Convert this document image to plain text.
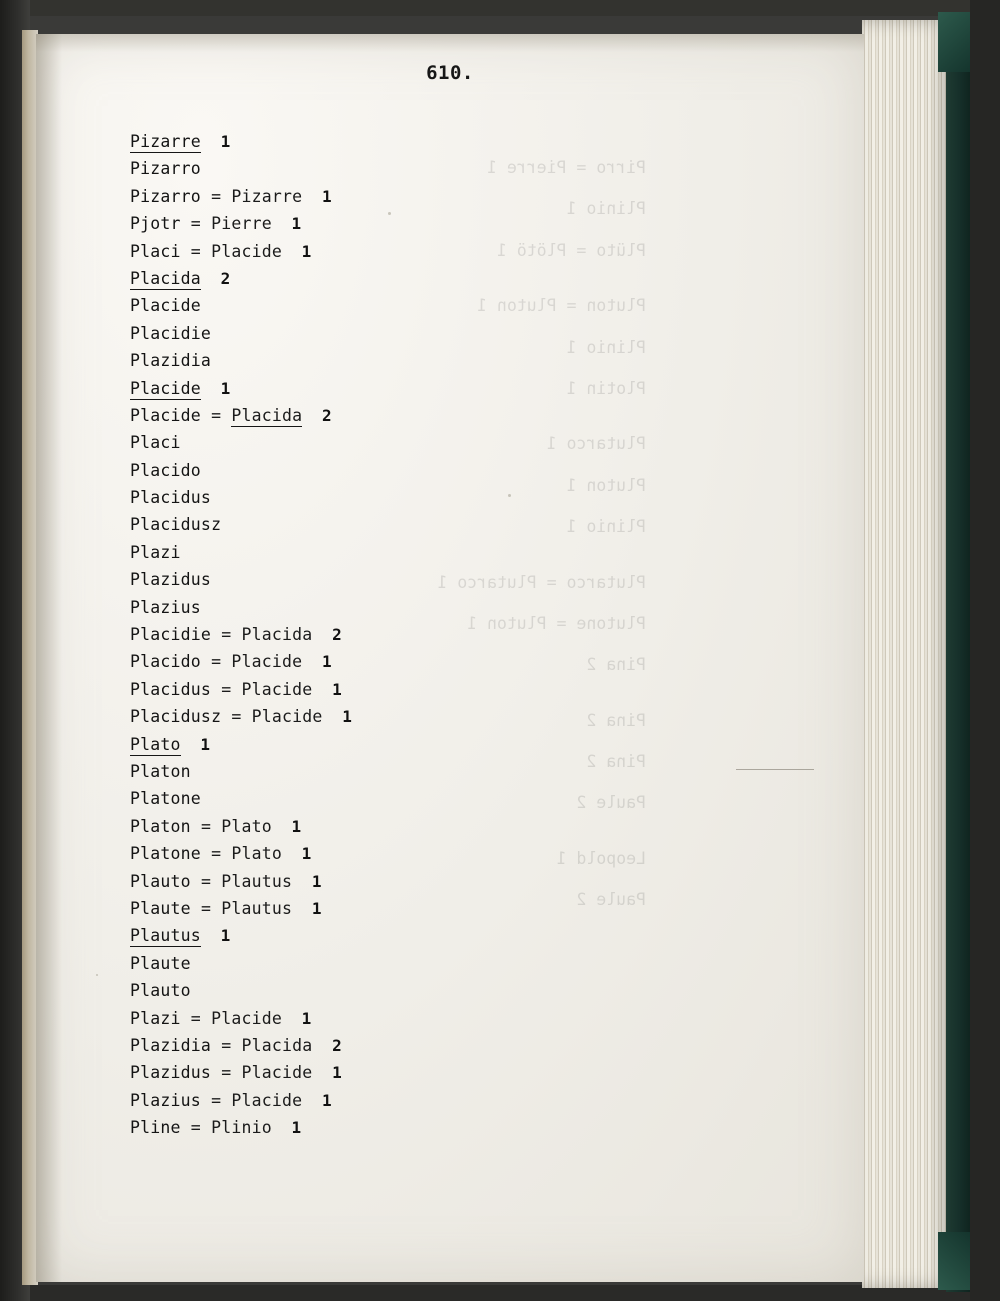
610.
Pirro = Pierre 1
Plinio 1
Plüto = Plötö 1
Pluton = Pluton 1
Plinio 1
Plotin 1
Plutarco 1
Pluton 1
Plinio 1
Plutarco = Plutarco 1
Plutone = Pluton 1
Pina 2
Pina 2
Pina 2
Paule 2
Leopold 1
Paule 2
Pizarre  1
Pizarro
Pizarro = Pizarre  1
Pjotr = Pierre  1
Placi = Placide  1
Placida  2
Placide
Placidie
Plazidia
Placide  1
Placide = Placida  2
Placi
Placido
Placidus
Placidusz
Plazi
Plazidus
Plazius
Placidie = Placida  2
Placido = Placide  1
Placidus = Placide  1
Placidusz = Placide  1
Plato  1
Platon
Platone
Platon = Plato  1
Platone = Plato  1
Plauto = Plautus  1
Plaute = Plautus  1
Plautus  1
Plaute
Plauto
Plazi = Placide  1
Plazidia = Placida  2
Plazidus = Placide  1
Plazius = Placide  1
Pline = Plinio  1
